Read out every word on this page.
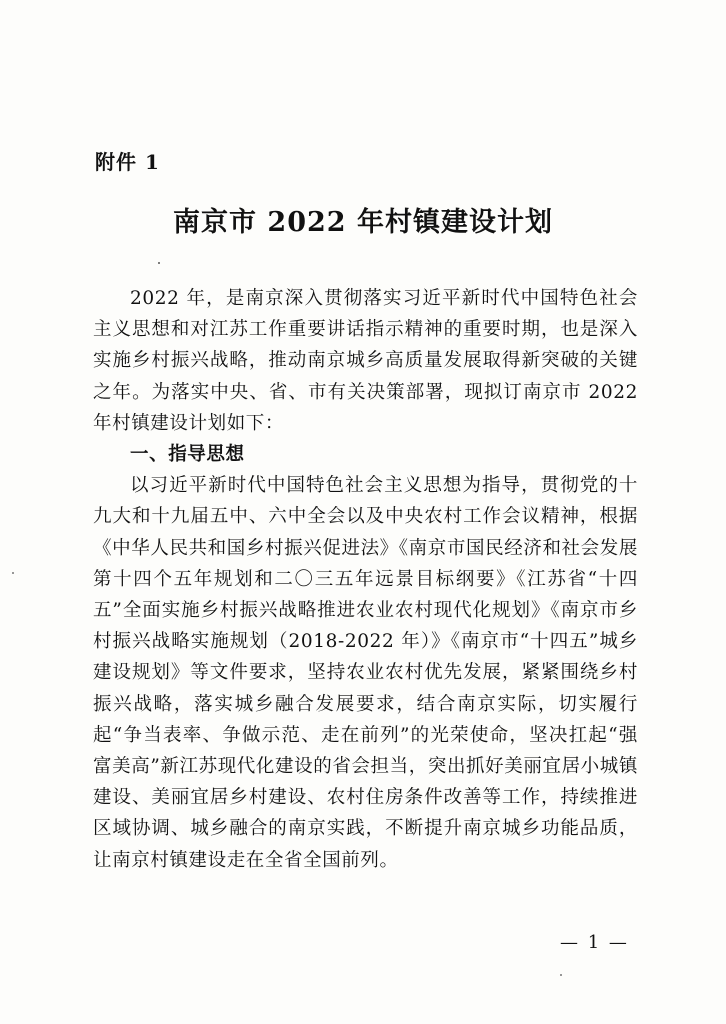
附件 1
南京市 2022 年村镇建设计划

2022 年，是南京深入贯彻落实习近平新时代中国特色社会主义思想和对江苏工作重要讲话指示精神的重要时期，也是深入实施乡村振兴战略，推动南京城乡高质量发展取得新突破的关键之年。为落实中央、省、市有关决策部署，现拟订南京市 2022 年村镇建设计划如下：

一、指导思想

以习近平新时代中国特色社会主义思想为指导，贯彻党的十九大和十九届五中、六中全会以及中央农村工作会议精神，根据《中华人民共和国乡村振兴促进法》《南京市国民经济和社会发展第十四个五年规划和二〇三五年远景目标纲要》《江苏省“十四五”全面实施乡村振兴战略推进农业农村现代化规划》《南京市乡村振兴战略实施规划（2018-2022 年）》《南京市“十四五”城乡建设规划》等文件要求，坚持农业农村优先发展，紧紧围绕乡村振兴战略，落实城乡融合发展要求，结合南京实际，切实履行起“争当表率、争做示范、走在前列”的光荣使命，坚决扛起“强富美高”新江苏现代化建设的省会担当，突出抓好美丽宜居小城镇建设、美丽宜居乡村建设、农村住房条件改善等工作，持续推进区域协调、城乡融合的南京实践，不断提升南京城乡功能品质，让南京村镇建设走在全省全国前列。

— 1 —
